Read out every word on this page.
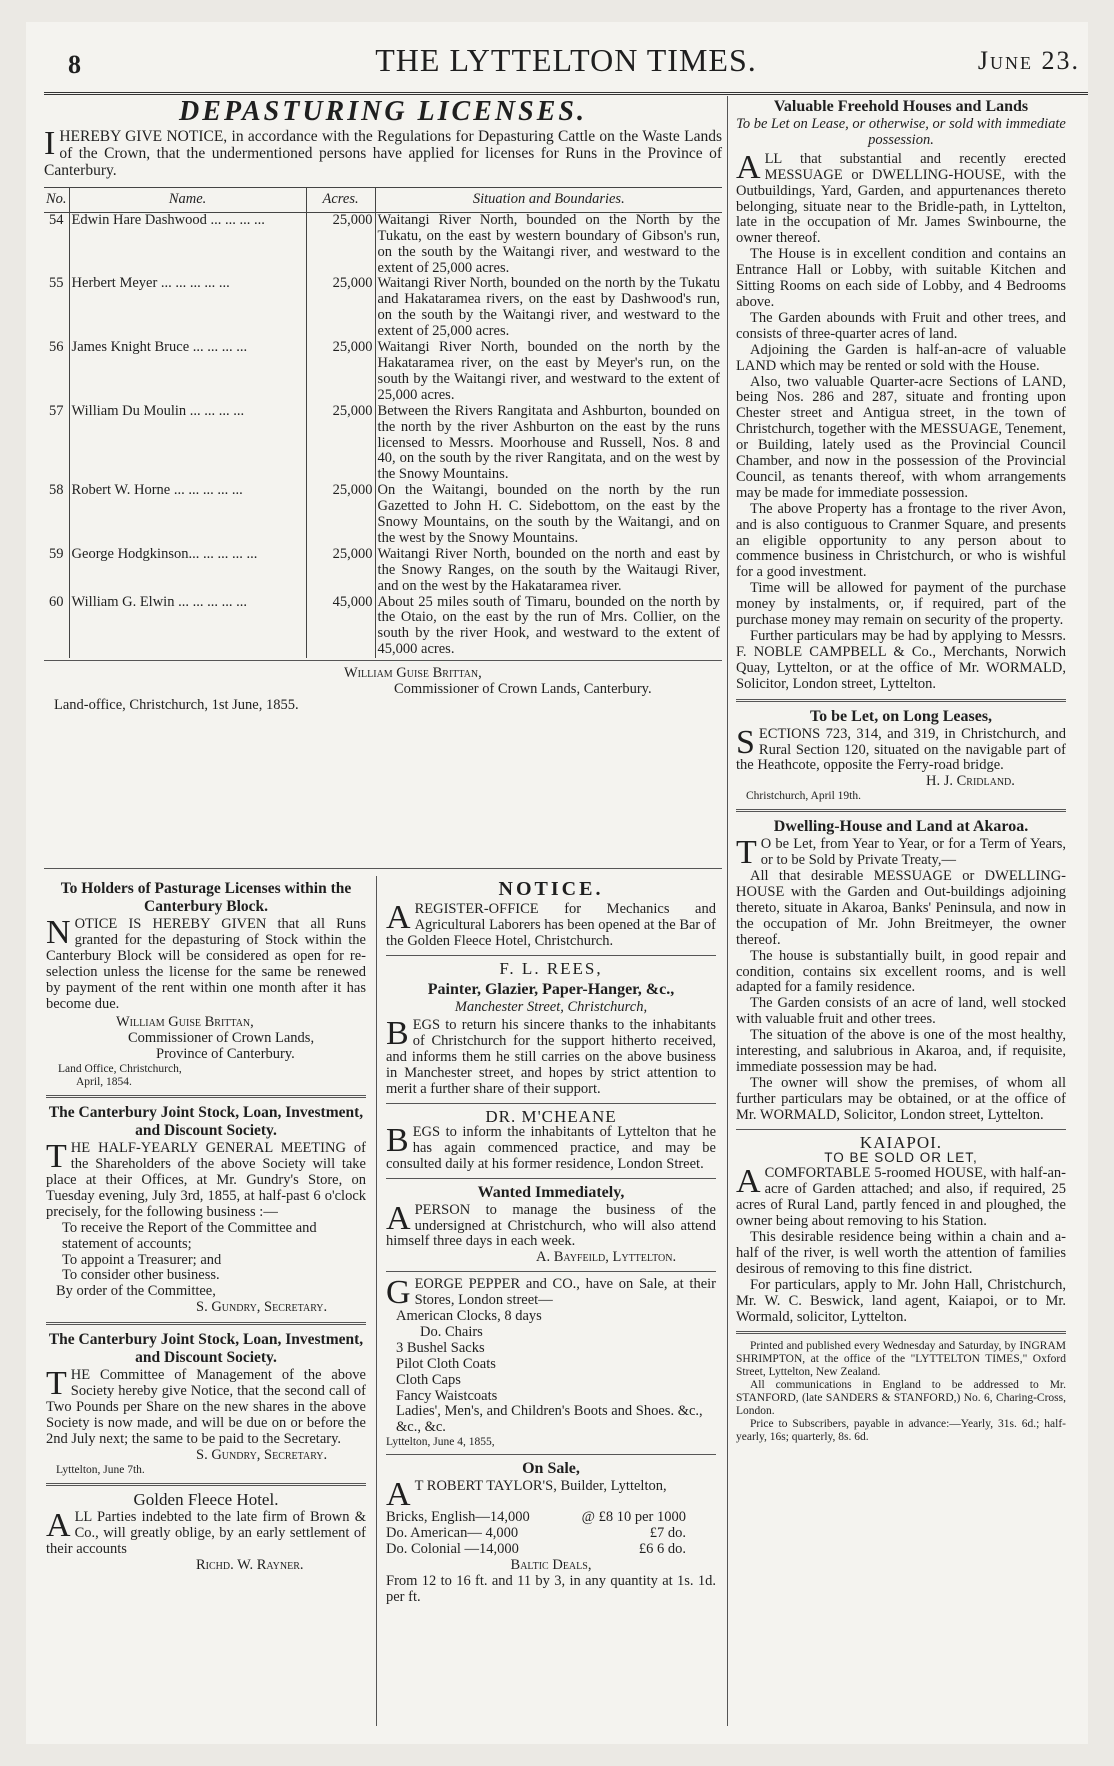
8	THE LYTTELTON TIMES.	June 23.
DEPASTURING LICENSES.

IHEREBY GIVE NOTICE, in accordance with the Regulations for Depasturing Cattle on the Waste Lands of the Crown, that the undermentioned persons have applied for licenses for Runs in the Province of Canterbury.

No.	Name.	Acres.	Situation and Boundaries.
54	Edwin Hare Dashwood ... ... ... ...	25,000	Waitangi River North, bounded on the North by the Tukatu, on the east by western boundary of Gibson's run, on the south by the Waitangi river, and westward to the extent of 25,000 acres.
55	Herbert Meyer ... ... ... ... ...	25,000	Waitangi River North, bounded on the north by the Tukatu and Hakataramea rivers, on the east by Dashwood's run, on the south by the Waitangi river, and westward to the extent of 25,000 acres.
56	James Knight Bruce ... ... ... ...	25,000	Waitangi River North, bounded on the north by the Hakataramea river, on the east by Meyer's run, on the south by the Waitangi river, and westward to the extent of 25,000 acres.
57	William Du Moulin ... ... ... ...	25,000	Between the Rivers Rangitata and Ashburton, bounded on the north by the river Ashburton on the east by the runs licensed to Messrs. Moorhouse and Russell, Nos. 8 and 40, on the south by the river Rangitata, and on the west by the Snowy Mountains.
58	Robert W. Horne ... ... ... ... ...	25,000	On the Waitangi, bounded on the north by the run Gazetted to John H. C. Sidebottom, on the east by the Snowy Mountains, on the south by the Waitangi, and on the west by the Snowy Mountains.
59	George Hodgkinson... ... ... ... ...	25,000	Waitangi River North, bounded on the north and east by the Snowy Ranges, on the south by the Waitaugi River, and on the west by the Hakataramea river.
60	William G. Elwin ... ... ... ... ...	45,000	About 25 miles south of Timaru, bounded on the north by the Otaio, on the east by the run of Mrs. Collier, on the south by the river Hook, and westward to the extent of 45,000 acres.
William Guise Brittan,
Commissioner of Crown Lands, Canterbury.
Land-office, Christchurch, 1st June, 1855.
To Holders of Pasturage Licenses within the Canterbury Block.

NOTICE IS HEREBY GIVEN that all Runs granted for the depasturing of Stock within the Canterbury Block will be considered as open for re-selection unless the license for the same be renewed by payment of the rent within one month after it has become due.

William Guise Brittan,
Commissioner of Crown Lands,
Province of Canterbury.
Land Office, Christchurch,
April, 1854.
The Canterbury Joint Stock, Loan, Investment, and Discount Society.

THE HALF-YEARLY GENERAL MEETING of the Shareholders of the above Society will take place at their Offices, at Mr. Gundry's Store, on Tuesday evening, July 3rd, 1855, at half-past 6 o'clock precisely, for the following business :—

To receive the Report of the Committee and statement of accounts;

To appoint a Treasurer; and

To consider other business.

By order of the Committee,
S. Gundry, Secretary.
The Canterbury Joint Stock, Loan, Investment, and Discount Society.

THE Committee of Management of the above Society hereby give Notice, that the second call of Two Pounds per Share on the new shares in the above Society is now made, and will be due on or before the 2nd July next; the same to be paid to the Secretary.

S. Gundry, Secretary.
Lyttelton, June 7th.
Golden Fleece Hotel.

ALL Parties indebted to the late firm of Brown & Co., will greatly oblige, by an early settlement of their accounts

Richd. W. Rayner.
NOTICE.

AREGISTER-OFFICE for Mechanics and Agricultural Laborers has been opened at the Bar of the Golden Fleece Hotel, Christchurch.

F. L. REES,
Painter, Glazier, Paper-Hanger, &c.,
Manchester Street, Christchurch,

BEGS to return his sincere thanks to the inhabitants of Christchurch for the support hitherto received, and informs them he still carries on the above business in Manchester street, and hopes by strict attention to merit a further share of their support.

DR. M'CHEANE

BEGS to inform the inhabitants of Lyttelton that he has again commenced practice, and may be consulted daily at his former residence, London Street.

Wanted Immediately,

APERSON to manage the business of the undersigned at Christchurch, who will also attend himself three days in each week.

A. Bayfeild, Lyttelton.

GEORGE PEPPER and CO., have on Sale, at their Stores, London street—

American Clocks, 8 days

Do. Chairs

3 Bushel Sacks

Pilot Cloth Coats

Cloth Caps

Fancy Waistcoats

Ladies', Men's, and Children's Boots and Shoes. &c., &c., &c.

Lyttelton, June 4, 1855,
On Sale,

A T ROBERT TAYLOR'S, Builder, Lyttelton,

Bricks, English—14,000	@ £8 10 per 1000
Do. American— 4,000	£7 do.
Do. Colonial —14,000	£6 6 do.
Baltic Deals,

From 12 to 16 ft. and 11 by 3, in any quantity at 1s. 1d. per ft.

Valuable Freehold Houses and Lands
To be Let on Lease, or otherwise, or sold with immediate possession.

ALL that substantial and recently erected MESSUAGE or DWELLING-HOUSE, with the Outbuildings, Yard, Garden, and appurtenances thereto belonging, situate near to the Bridle-path, in Lyttelton, late in the occupation of Mr. James Swinbourne, the owner thereof.

The House is in excellent condition and contains an Entrance Hall or Lobby, with suitable Kitchen and Sitting Rooms on each side of Lobby, and 4 Bedrooms above.

The Garden abounds with Fruit and other trees, and consists of three-quarter acres of land.

Adjoining the Garden is half-an-acre of valuable LAND which may be rented or sold with the House.

Also, two valuable Quarter-acre Sections of LAND, being Nos. 286 and 287, situate and fronting upon Chester street and Antigua street, in the town of Christchurch, together with the MESSUAGE, Tenement, or Building, lately used as the Provincial Council Chamber, and now in the possession of the Provincial Council, as tenants thereof, with whom arrangements may be made for immediate possession.

The above Property has a frontage to the river Avon, and is also contiguous to Cranmer Square, and presents an eligible opportunity to any person about to commence business in Christchurch, or who is wishful for a good investment.

Time will be allowed for payment of the purchase money by instalments, or, if required, part of the purchase money may remain on security of the property.

Further particulars may be had by applying to Messrs. F. NOBLE CAMPBELL & Co., Merchants, Norwich Quay, Lyttelton, or at the office of Mr. WORMALD, Solicitor, London street, Lyttelton.

To be Let, on Long Leases,

SECTIONS 723, 314, and 319, in Christchurch, and Rural Section 120, situated on the navigable part of the Heathcote, opposite the Ferry-road bridge.

H. J. Cridland.
Christchurch, April 19th.
Dwelling-House and Land at Akaroa.

T O be Let, from Year to Year, or for a Term of Years, or to be Sold by Private Treaty,—

All that desirable MESSUAGE or DWELLING-HOUSE with the Garden and Out-buildings adjoining thereto, situate in Akaroa, Banks' Peninsula, and now in the occupation of Mr. John Breitmeyer, the owner thereof.

The house is substantially built, in good repair and condition, contains six excellent rooms, and is well adapted for a family residence.

The Garden consists of an acre of land, well stocked with valuable fruit and other trees.

The situation of the above is one of the most healthy, interesting, and salubrious in Akaroa, and, if requisite, immediate possession may be had.

The owner will show the premises, of whom all further particulars may be obtained, or at the office of Mr. WORMALD, Solicitor, London street, Lyttelton.

KAIAPOI.
TO BE SOLD OR LET,

ACOMFORTABLE 5-roomed HOUSE, with half-an-acre of Garden attached; and also, if required, 25 acres of Rural Land, partly fenced in and ploughed, the owner being about removing to his Station.

This desirable residence being within a chain and a-half of the river, is well worth the attention of families desirous of removing to this fine district.

For particulars, apply to Mr. John Hall, Christchurch, Mr. W. C. Beswick, land agent, Kaiapoi, or to Mr. Wormald, solicitor, Lyttelton.

Printed and published every Wednesday and Saturday, by INGRAM SHRIMPTON, at the office of the "LYTTELTON TIMES," Oxford Street, Lyttelton, New Zealand.

All communications in England to be addressed to Mr. STANFORD, (late SANDERS & STANFORD,) No. 6, Charing-Cross, London.

Price to Subscribers, payable in advance:—Yearly, 31s. 6d.; half-yearly, 16s; quarterly, 8s. 6d.
